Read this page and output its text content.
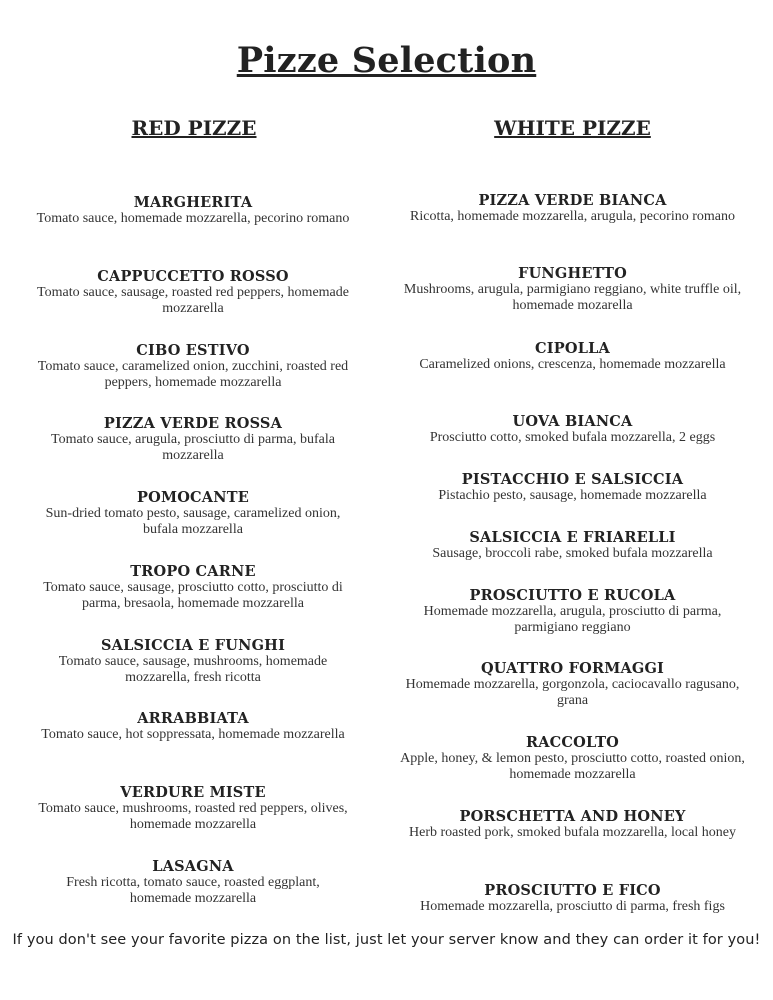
Pizze Selection
RED PIZZE	WHITE PIZZE
MARGHERITA
Tomato sauce, homemade mozzarella, pecorino romano
CAPPUCCETTO ROSSO
Tomato sauce, sausage, roasted red peppers, homemade mozzarella
CIBO ESTIVO
Tomato sauce, caramelized onion, zucchini, roasted red peppers, homemade mozzarella
PIZZA VERDE ROSSA
Tomato sauce, arugula, prosciutto di parma, bufala mozzarella
POMOCANTE
Sun-dried tomato pesto, sausage, caramelized onion, bufala mozzarella
TROPO CARNE
Tomato sauce, sausage, prosciutto cotto, prosciutto di parma, bresaola, homemade mozzarella
SALSICCIA E FUNGHI
Tomato sauce, sausage, mushrooms, homemade mozzarella, fresh ricotta
ARRABBIATA
Tomato sauce, hot soppressata, homemade mozzarella
VERDURE MISTE
Tomato sauce, mushrooms, roasted red peppers, olives, homemade mozzarella
LASAGNA
Fresh ricotta, tomato sauce, roasted eggplant, homemade mozzarella
PIZZA VERDE BIANCA
Ricotta, homemade mozzarella, arugula, pecorino romano
FUNGHETTO
Mushrooms, arugula, parmigiano reggiano, white truffle oil, homemade mozarella
CIPOLLA
Caramelized onions, crescenza, homemade mozzarella
UOVA BIANCA
Prosciutto cotto, smoked bufala mozzarella, 2 eggs
PISTACCHIO E SALSICCIA
Pistachio pesto, sausage, homemade mozzarella
SALSICCIA E FRIARELLI
Sausage, broccoli rabe, smoked bufala mozzarella
PROSCIUTTO E RUCOLA
Homemade mozzarella, arugula, prosciutto di parma, parmigiano reggiano
QUATTRO FORMAGGI
Homemade mozzarella, gorgonzola, caciocavallo ragusano, grana
RACCOLTO
Apple, honey, & lemon pesto, prosciutto cotto, roasted onion, homemade mozzarella
PORSCHETTA AND HONEY
Herb roasted pork, smoked bufala mozzarella, local honey
PROSCIUTTO E FICO
Homemade mozzarella, prosciutto di parma, fresh figs
If you don't see your favorite pizza on the list, just let your server know and they can order it for you!
